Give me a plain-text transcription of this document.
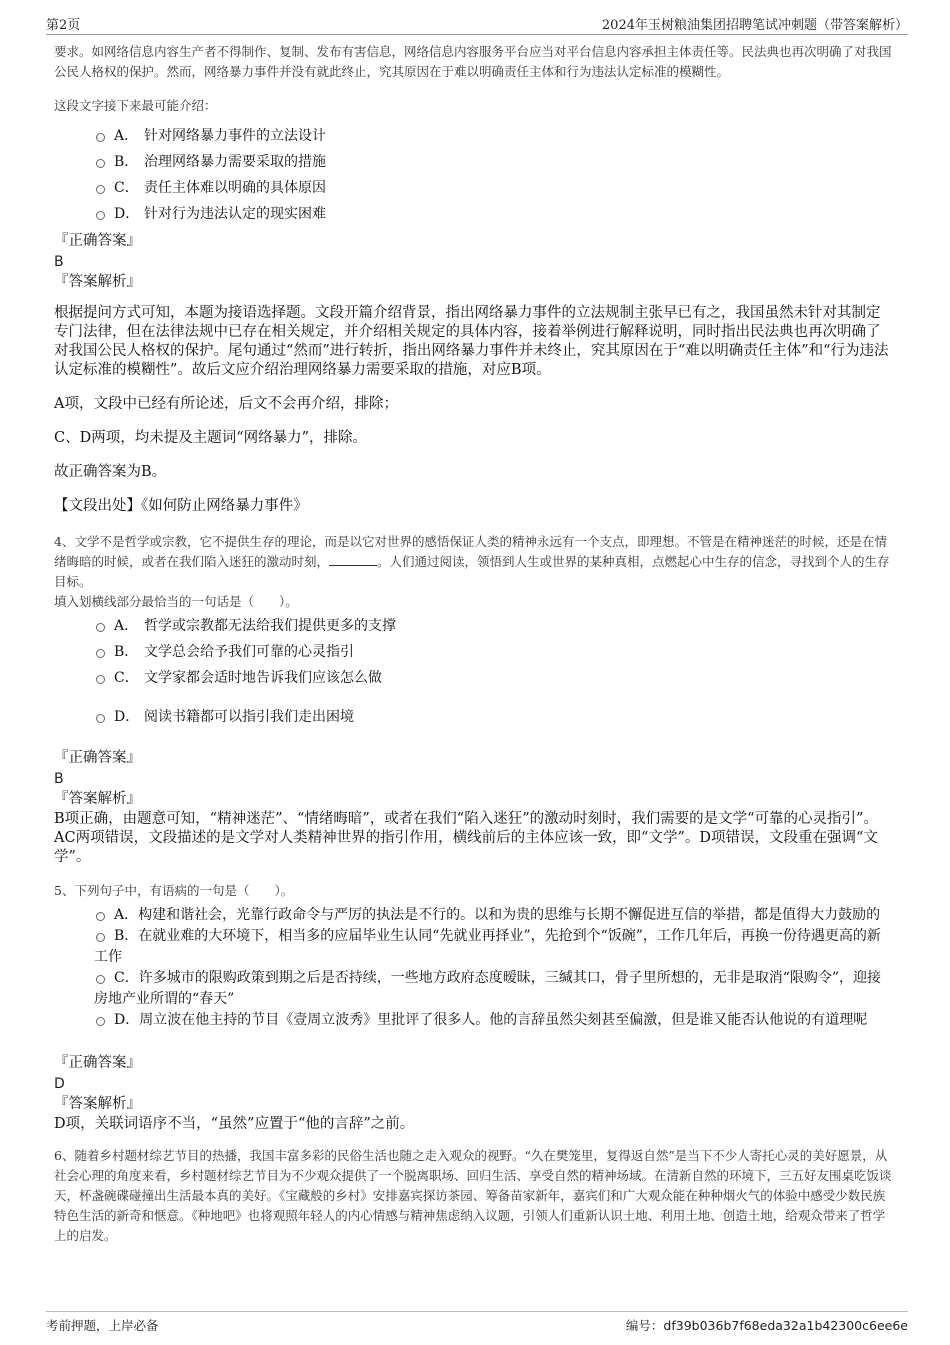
第2页	2024年玉树粮油集团招聘笔试冲刺题（带答案解析）

要求。如网络信息内容生产者不得制作、复制、发布有害信息，网络信息内容服务平台应当对平台信息内容承担主体责任等。民法典也再次明确了对我国公民人格权的保护。然而，网络暴力事件并没有就此终止，究其原因在于难以明确责任主体和行为违法认定标准的模糊性。

这段文字接下来最可能介绍：

A． 针对网络暴力事件的立法设计
B． 治理网络暴力需要采取的措施
C． 责任主体难以明确的具体原因
D． 针对行为违法认定的现实困难
『正确答案』
B
『答案解析』

根据提问方式可知，本题为接语选择题。文段开篇介绍背景，指出网络暴力事件的立法规制主张早已有之，我国虽然未针对其制定专门法律，但在法律法规中已存在相关规定，并介绍相关规定的具体内容，接着举例进行解释说明，同时指出民法典也再次明确了对我国公民人格权的保护。尾句通过“然而”进行转折，指出网络暴力事件并未终止，究其原因在于“难以明确责任主体”和“行为违法认定标准的模糊性”。故后文应介绍治理网络暴力需要采取的措施，对应B项。

A项，文段中已经有所论述，后文不会再介绍，排除；

C、D两项，均未提及主题词“网络暴力”，排除。

故正确答案为B。

【文段出处】《如何防止网络暴力事件》

4、文学不是哲学或宗教，它不提供生存的理论，而是以它对世界的感悟保证人类的精神永远有一个支点，即理想。不管是在精神迷茫的时候，还是在情绪晦暗的时候，或者在我们陷入迷狂的激动时刻，	。人们通过阅读，领悟到人生或世界的某种真相，点燃起心中生存的信念，寻找到个人的生存目标。

填入划横线部分最恰当的一句话是（　　）。

A． 哲学或宗教都无法给我们提供更多的支撑
B． 文学总会给予我们可靠的心灵指引
C． 文学家都会适时地告诉我们应该怎么做
D． 阅读书籍都可以指引我们走出困境
『正确答案』
B
『答案解析』

B项正确，由题意可知，“精神迷茫”、“情绪晦暗”，或者在我们“陷入迷狂”的激动时刻时，我们需要的是文学“可靠的心灵指引”。AC两项错误，文段描述的是文学对人类精神世界的指引作用，横线前后的主体应该一致，即“文学”。D项错误，文段重在强调“文学”。

5、下列句子中，有语病的一句是（　　）。

A．构建和谐社会，光靠行政命令与严厉的执法是不行的。以和为贵的思维与长期不懈促进互信的举措，都是值得大力鼓励的
B．在就业难的大环境下，相当多的应届毕业生认同“先就业再择业”，先抢到个“饭碗”，工作几年后，再换一份待遇更高的新工作
C．许多城市的限购政策到期之后是否持续，一些地方政府态度暧昧，三缄其口，骨子里所想的，无非是取消“限购令”，迎接房地产业所谓的“春天”
D．周立波在他主持的节目《壹周立波秀》里批评了很多人。他的言辞虽然尖刻甚至偏激，但是谁又能否认他说的有道理呢
『正确答案』
D
『答案解析』

D项，关联词语序不当，“虽然”应置于“他的言辞”之前。

6、随着乡村题材综艺节目的热播，我国丰富多彩的民俗生活也随之走入观众的视野。“久在樊笼里，复得返自然”是当下不少人寄托心灵的美好愿景，从社会心理的角度来看，乡村题材综艺节目为不少观众提供了一个脱离职场、回归生活、享受自然的精神场域。在清新自然的环境下，三五好友围桌吃饭谈天，杯盏碗碟碰撞出生活最本真的美好。《宝藏般的乡村》安排嘉宾探访茶园、筹备苗家新年，嘉宾们和广大观众能在种种烟火气的体验中感受少数民族特色生活的新奇和惬意。《种地吧》也将观照年轻人的内心情感与精神焦虑纳入议题，引领人们重新认识土地、利用土地、创造土地，给观众带来了哲学上的启发。

考前押题，上岸必备	编号：df39b036b7f68eda32a1b42300c6ee6e
